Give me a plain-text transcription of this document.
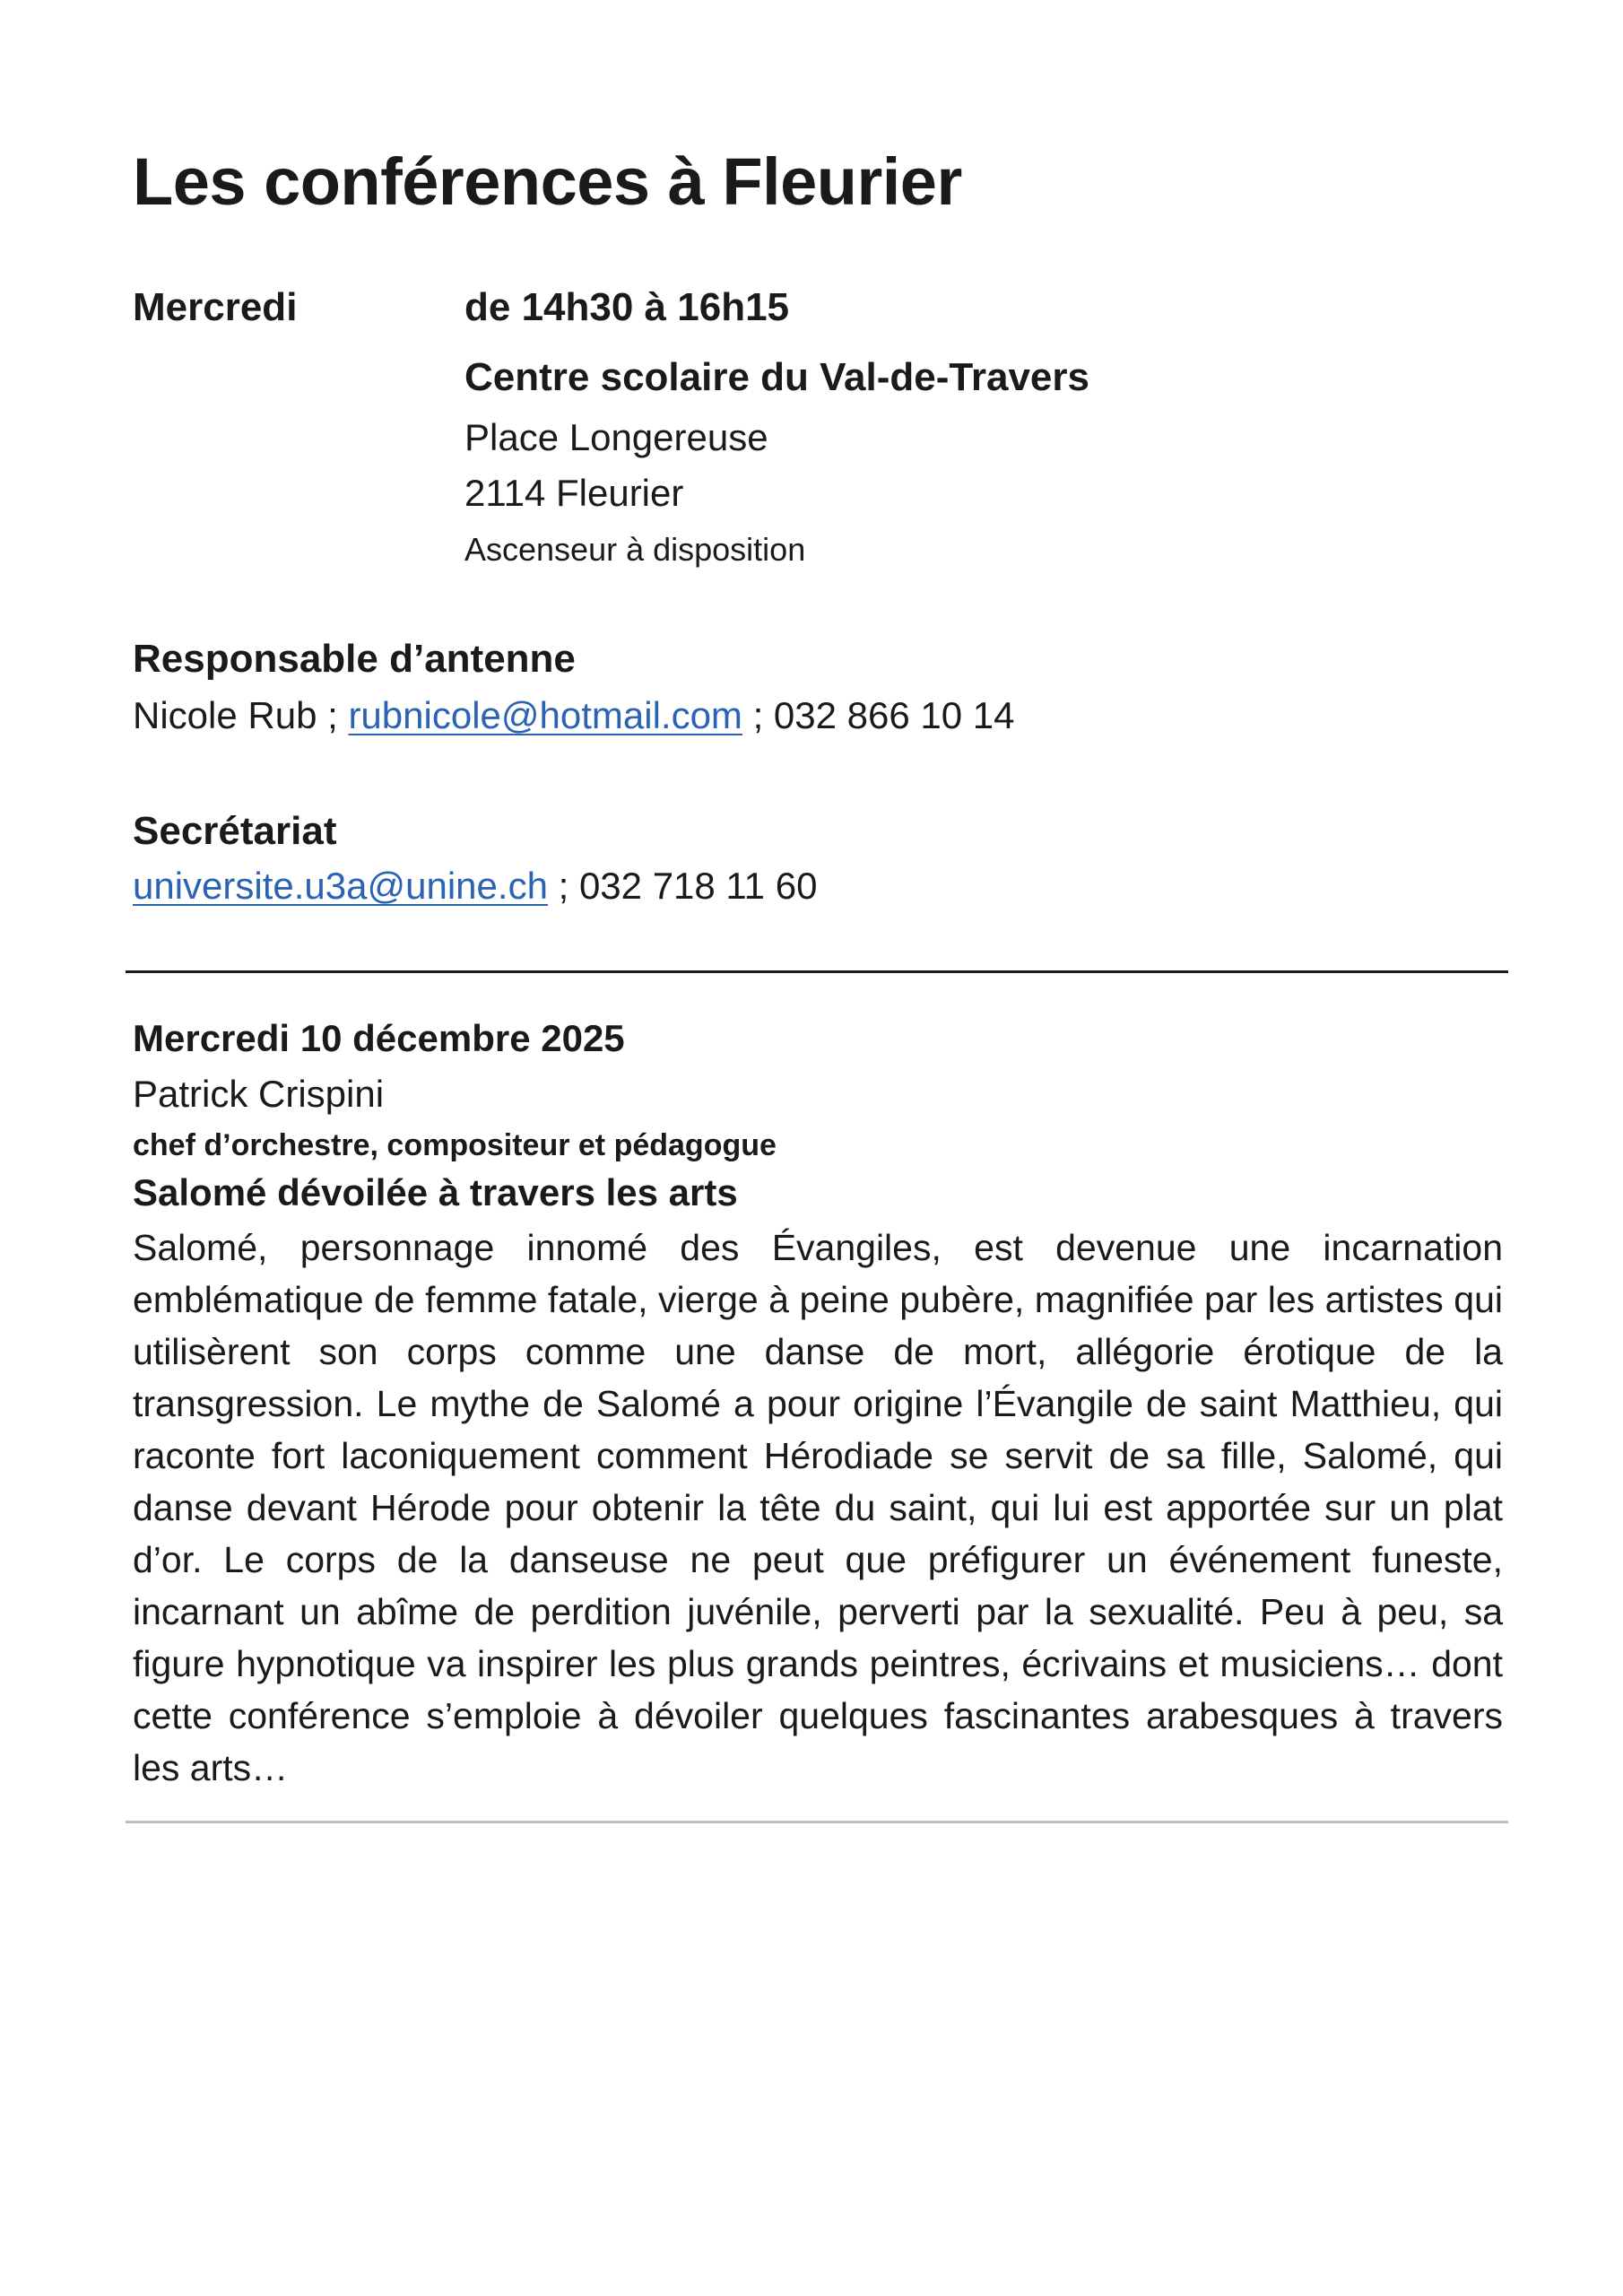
Les conférences à Fleurier

Mercredi	de 14h30 à 16h15

Centre scolaire du Val-de-Travers

Place Longereuse

2114 Fleurier

Ascenseur à disposition

Responsable d’antenne

Nicole Rub ; rubnicole@hotmail.com ; 032 866 10 14

Secrétariat

universite.u3a@unine.ch ; 032 718 11 60

Mercredi 10 décembre 2025

Patrick Crispini

chef d’orchestre, compositeur et pédagogue

Salomé dévoilée à travers les arts

Salomé, personnage innomé des Évangiles, est devenue une incarnation emblématique de femme fatale, vierge à peine pubère, magnifiée par les artistes qui utilisèrent son corps comme une danse de mort, allégorie érotique de la transgression. Le mythe de Salomé a pour origine l’Évangile de saint Matthieu, qui raconte fort laconiquement comment Hérodiade se servit de sa fille, Salomé, qui danse devant Hérode pour obtenir la tête du saint, qui lui est apportée sur un plat d’or. Le corps de la danseuse ne peut que préfigurer un événement funeste, incarnant un abîme de perdition juvénile, perverti par la sexualité. Peu à peu, sa figure hypnotique va inspirer les plus grands peintres, écrivains et musiciens… dont cette conférence s’emploie à dévoiler quelques fascinantes arabesques à travers les arts…
